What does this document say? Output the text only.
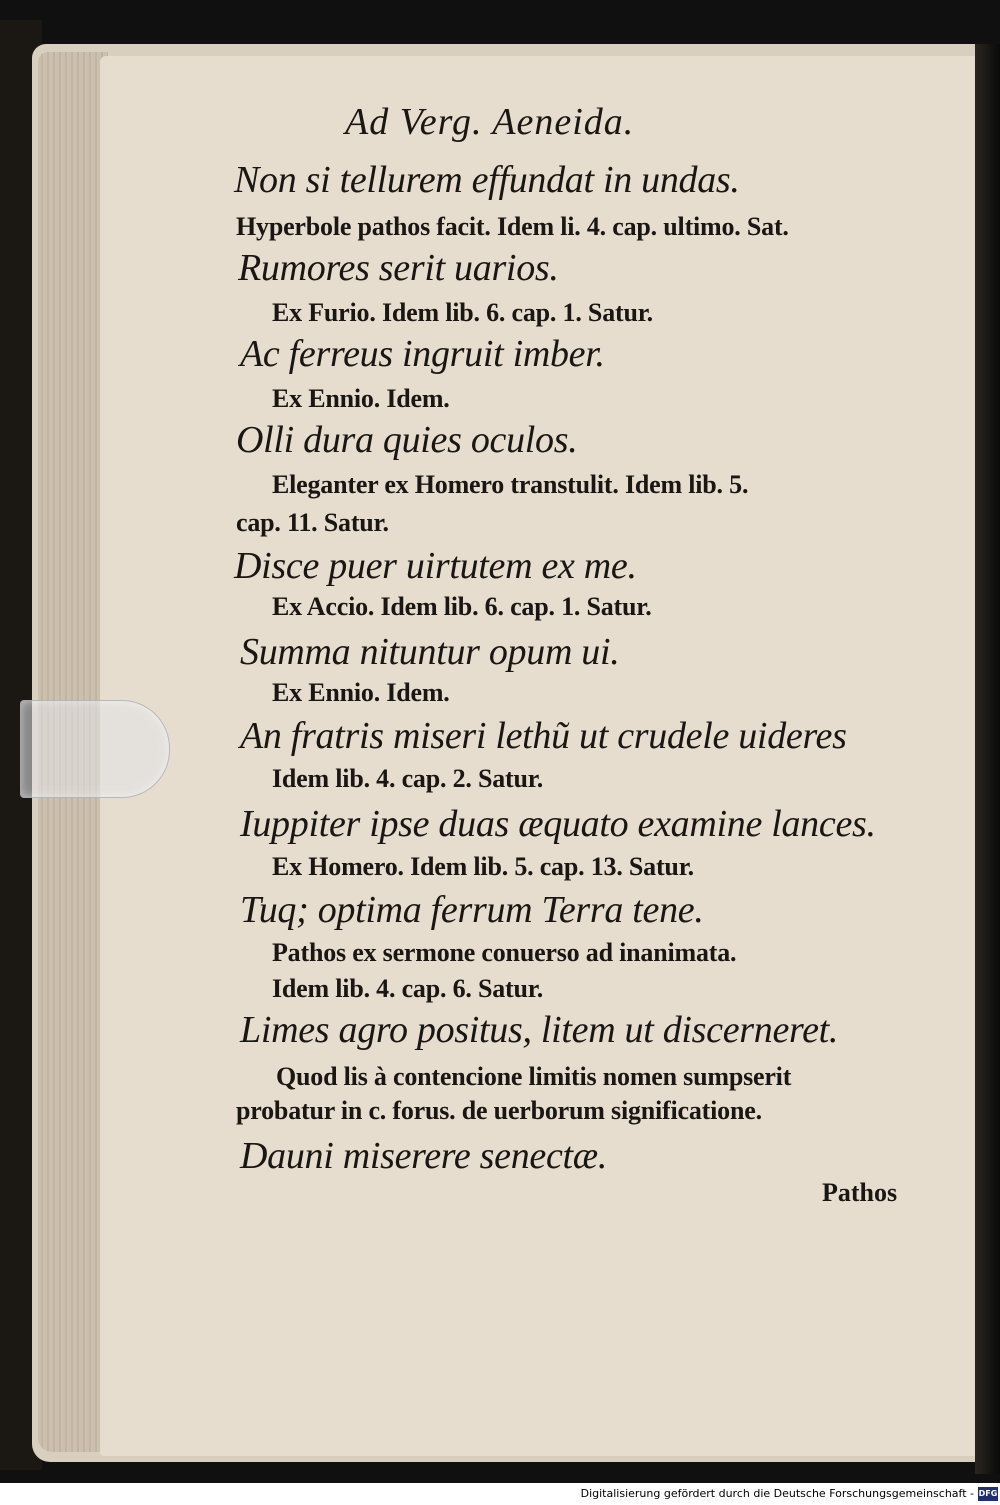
Ad Verg. Aeneida.
Non si tellurem effundat in undas.
Hyperbole pathos facit. Idem li. 4. cap. ultimo. Sat.
Rumores serit uarios.
Ex Furio. Idem lib. 6. cap. 1. Satur.
Ac ferreus ingruit imber.
Ex Ennio. Idem.
Olli dura quies oculos.
Eleganter ex Homero transtulit. Idem lib. 5.
cap. 11. Satur.
Disce puer uirtutem ex me.
Ex Accio. Idem lib. 6. cap. 1. Satur.
Summa nituntur opum ui.
Ex Ennio. Idem.
An fratris miseri lethũ ut crudele uideres
Idem lib. 4. cap. 2. Satur.
Iuppiter ipse duas æquato examine lances.
Ex Homero. Idem lib. 5. cap. 13. Satur.
Tuq; optima ferrum Terra tene.
Pathos ex sermone conuerso ad inanimata.
Idem lib. 4. cap. 6. Satur.
Limes agro positus, litem ut discerneret.
Quod lis à contencione limitis nomen sumpserit
probatur in c. forus. de uerborum significatione.
Dauni miserere senectæ.
Pathos
Digitalisierung gefördert durch die Deutsche Forschungsgemeinschaft - DFG
